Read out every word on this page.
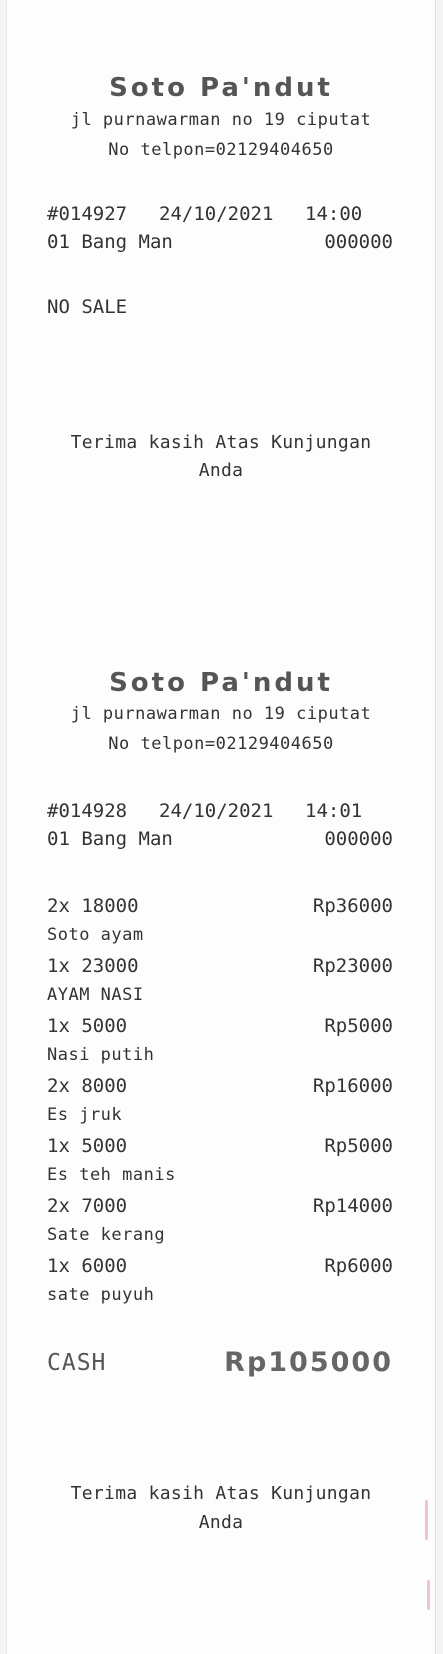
Soto Pa'ndut
jl purnawarman no 19 ciputat
No telpon=02129404650
#014927 24/10/2021 14:00
01 Bang Man	000000
NO SALE
Terima kasih Atas Kunjungan
Anda
Soto Pa'ndut
jl purnawarman no 19 ciputat
No telpon=02129404650
#014928 24/10/2021 14:01
01 Bang Man	000000
2x 18000	Rp36000
Soto ayam
1x 23000	Rp23000
AYAM NASI
1x 5000	Rp5000
Nasi putih
2x 8000	Rp16000
Es jruk
1x 5000	Rp5000
Es teh manis
2x 7000	Rp14000
Sate kerang
1x 6000	Rp6000
sate puyuh
CASH	Rp105000
Terima kasih Atas Kunjungan
Anda
